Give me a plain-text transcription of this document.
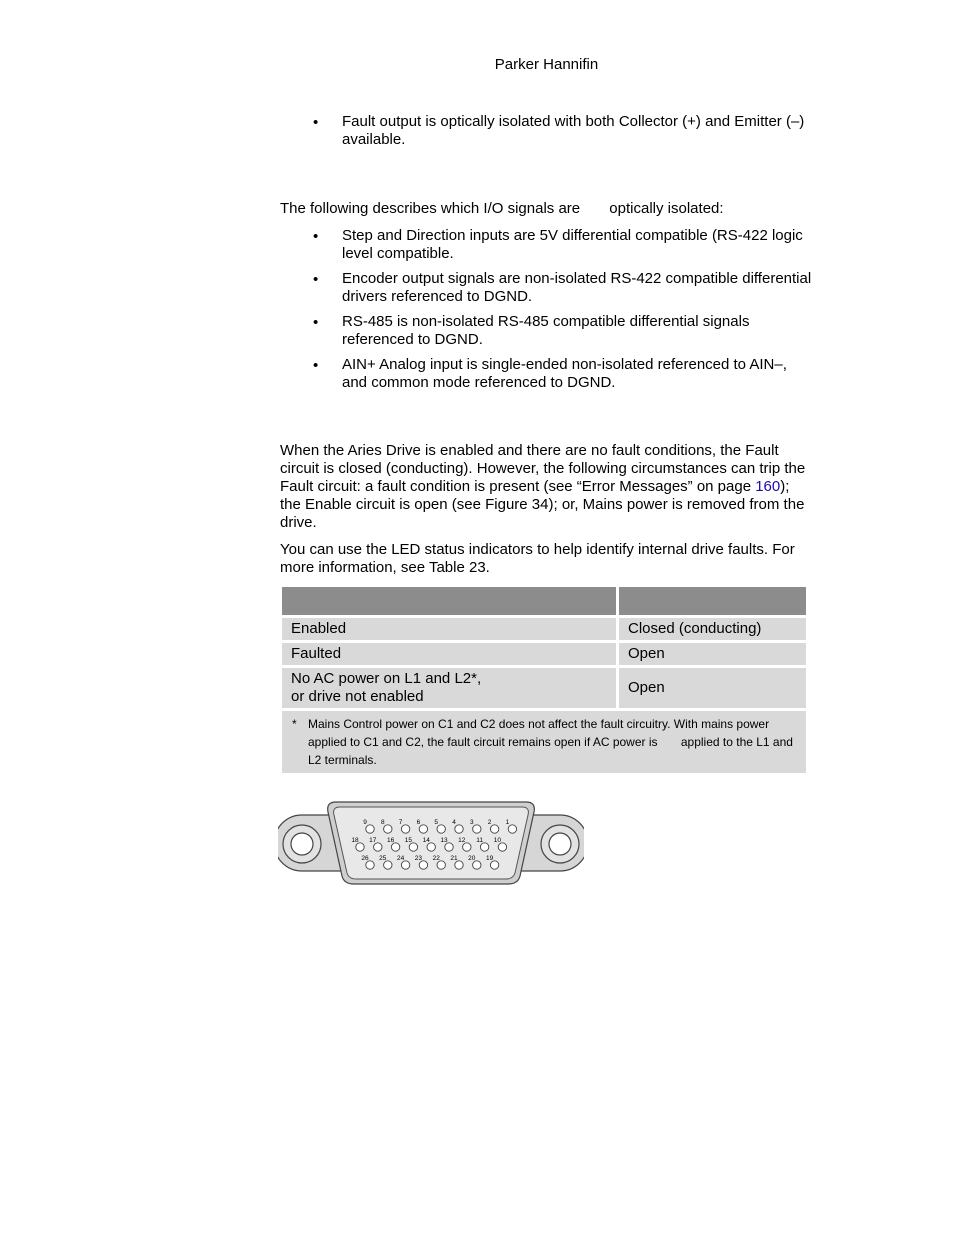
Parker Hannifin
• Fault output is optically isolated with both Collector (+) and Emitter (–) available.
The following describes which I/O signals are       optically isolated:
• Step and Direction inputs are 5V differential compatible (RS-422 logic level compatible.
• Encoder output signals are non-isolated RS-422 compatible differential drivers referenced to DGND.
• RS-485 is non-isolated RS-485 compatible differential signals referenced to DGND.
• AIN+ Analog input is single-ended non-isolated referenced to AIN–, and common mode referenced to DGND.
When the Aries Drive is enabled and there are no fault conditions, the Fault circuit is closed (conducting). However, the following circumstances can trip the Fault circuit: a fault condition is present (see “Error Messages” on page 160); the Enable circuit is open (see Figure 34); or, Mains power is removed from the drive.
You can use the LED status indicators to help identify internal drive faults. For more information, see Table 23.

Enabled	Closed (conducting)
Faulted	Open
No AC power on L1 and L2*,
or drive not enabled	Open

* Mains Control power on C1 and C2 does not affect the fault circuitry. With mains power applied to C1 and C2, the fault circuit remains open if AC power is       applied to the L1 and L2 terminals.	
9 8 7 6 5 4 3 2 1
18 17 16 15 14 13 12 11 10
26 25 24 23 22 21 20 19
